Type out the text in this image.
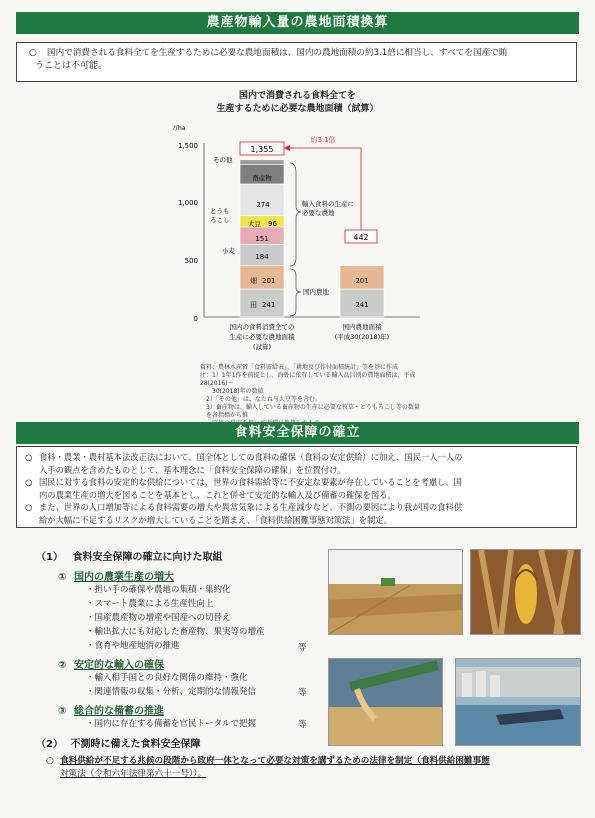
農産物輸入量の農地面積換算
○ 国内で消費される食料全てを生産するために必要な農地面積は、国内の農地面積の約3.1倍に相当し、すべてを国産で賄
うことは不可能。
国内で消費される食料全てを
生産するために必要な農地面積（試算）
万ha
1,500
1,000
500
0
その他
畜産物
とうも
ろこし
274
大豆 96
151
小麦
184
畑 201
田 241
201
241
1,355
442
約3.1倍
輸入食料の生産に
必要な農地
国内農地
国内の食料消費全ての
生産に必要な農地面積
(試算)
国内農地面積
(平成30(2018)年)
資料：農林水産省「食料需給表」、「耕地及び作付面積統計」等を基に作成
注：1）1年1作を前提とし、海外に依存している輸入品目別の農地面積は、平成28(2016)〜
30(2018)年の数値
2）「その他」は、なたね与大豆等を含む。
3）畜産物は、輸入している畜産物の生産に必要な牧草・とうもろこし等の数量を各指標から推
食料安全保障の確立
○ 食料・農業・農村基本法改正法において、国全体としての食料の確保（食料の安定供給）に加え、国民一人一人の
入手の観点を含めたものとして、基本理念に「食料安全保障の確保」を位置付け。
○ 国民に対する食料の安定的な供給については、世界の食料需給等に不安定な要素が存在していることを考慮し、国
内の農業生産の増大を図ることを基本とし、これと併せて安定的な輸入及び備蓄の確保を図る。
○ また、世界の人口増加等による食料需要の増大や異常気象による生産減少など、不測の要因により我が国の食料供
給が大幅に不足するリスクが増大していることを踏まえ、「食料供給困難事態対策法」を制定。
（1） 食料安全保障の確立に向けた取組
① 国内の農業生産の増大
・担い手の確保や農地の集積・集約化
・スマート農業による生産性向上
・国産農産物の増産や国産への切替え
・輸出拡大にも対応した畜産物、果実等の増産
・食育や地産地消の推進	等
② 安定的な輸入の確保
・輸入相手国との良好な関係の維持・強化
・関連情報の収集・分析、定期的な情報発信	等
③ 総合的な備蓄の推進
・国内に存在する備蓄を官民トータルで把握	等
（2） 不測時に備えた食料安全保障
○ 食料供給が不足する兆候の段階から政府一体となって必要な対策を講ずるための法律を制定（食料供給困難事態
対策法（令和六年法律第六十一号））。
